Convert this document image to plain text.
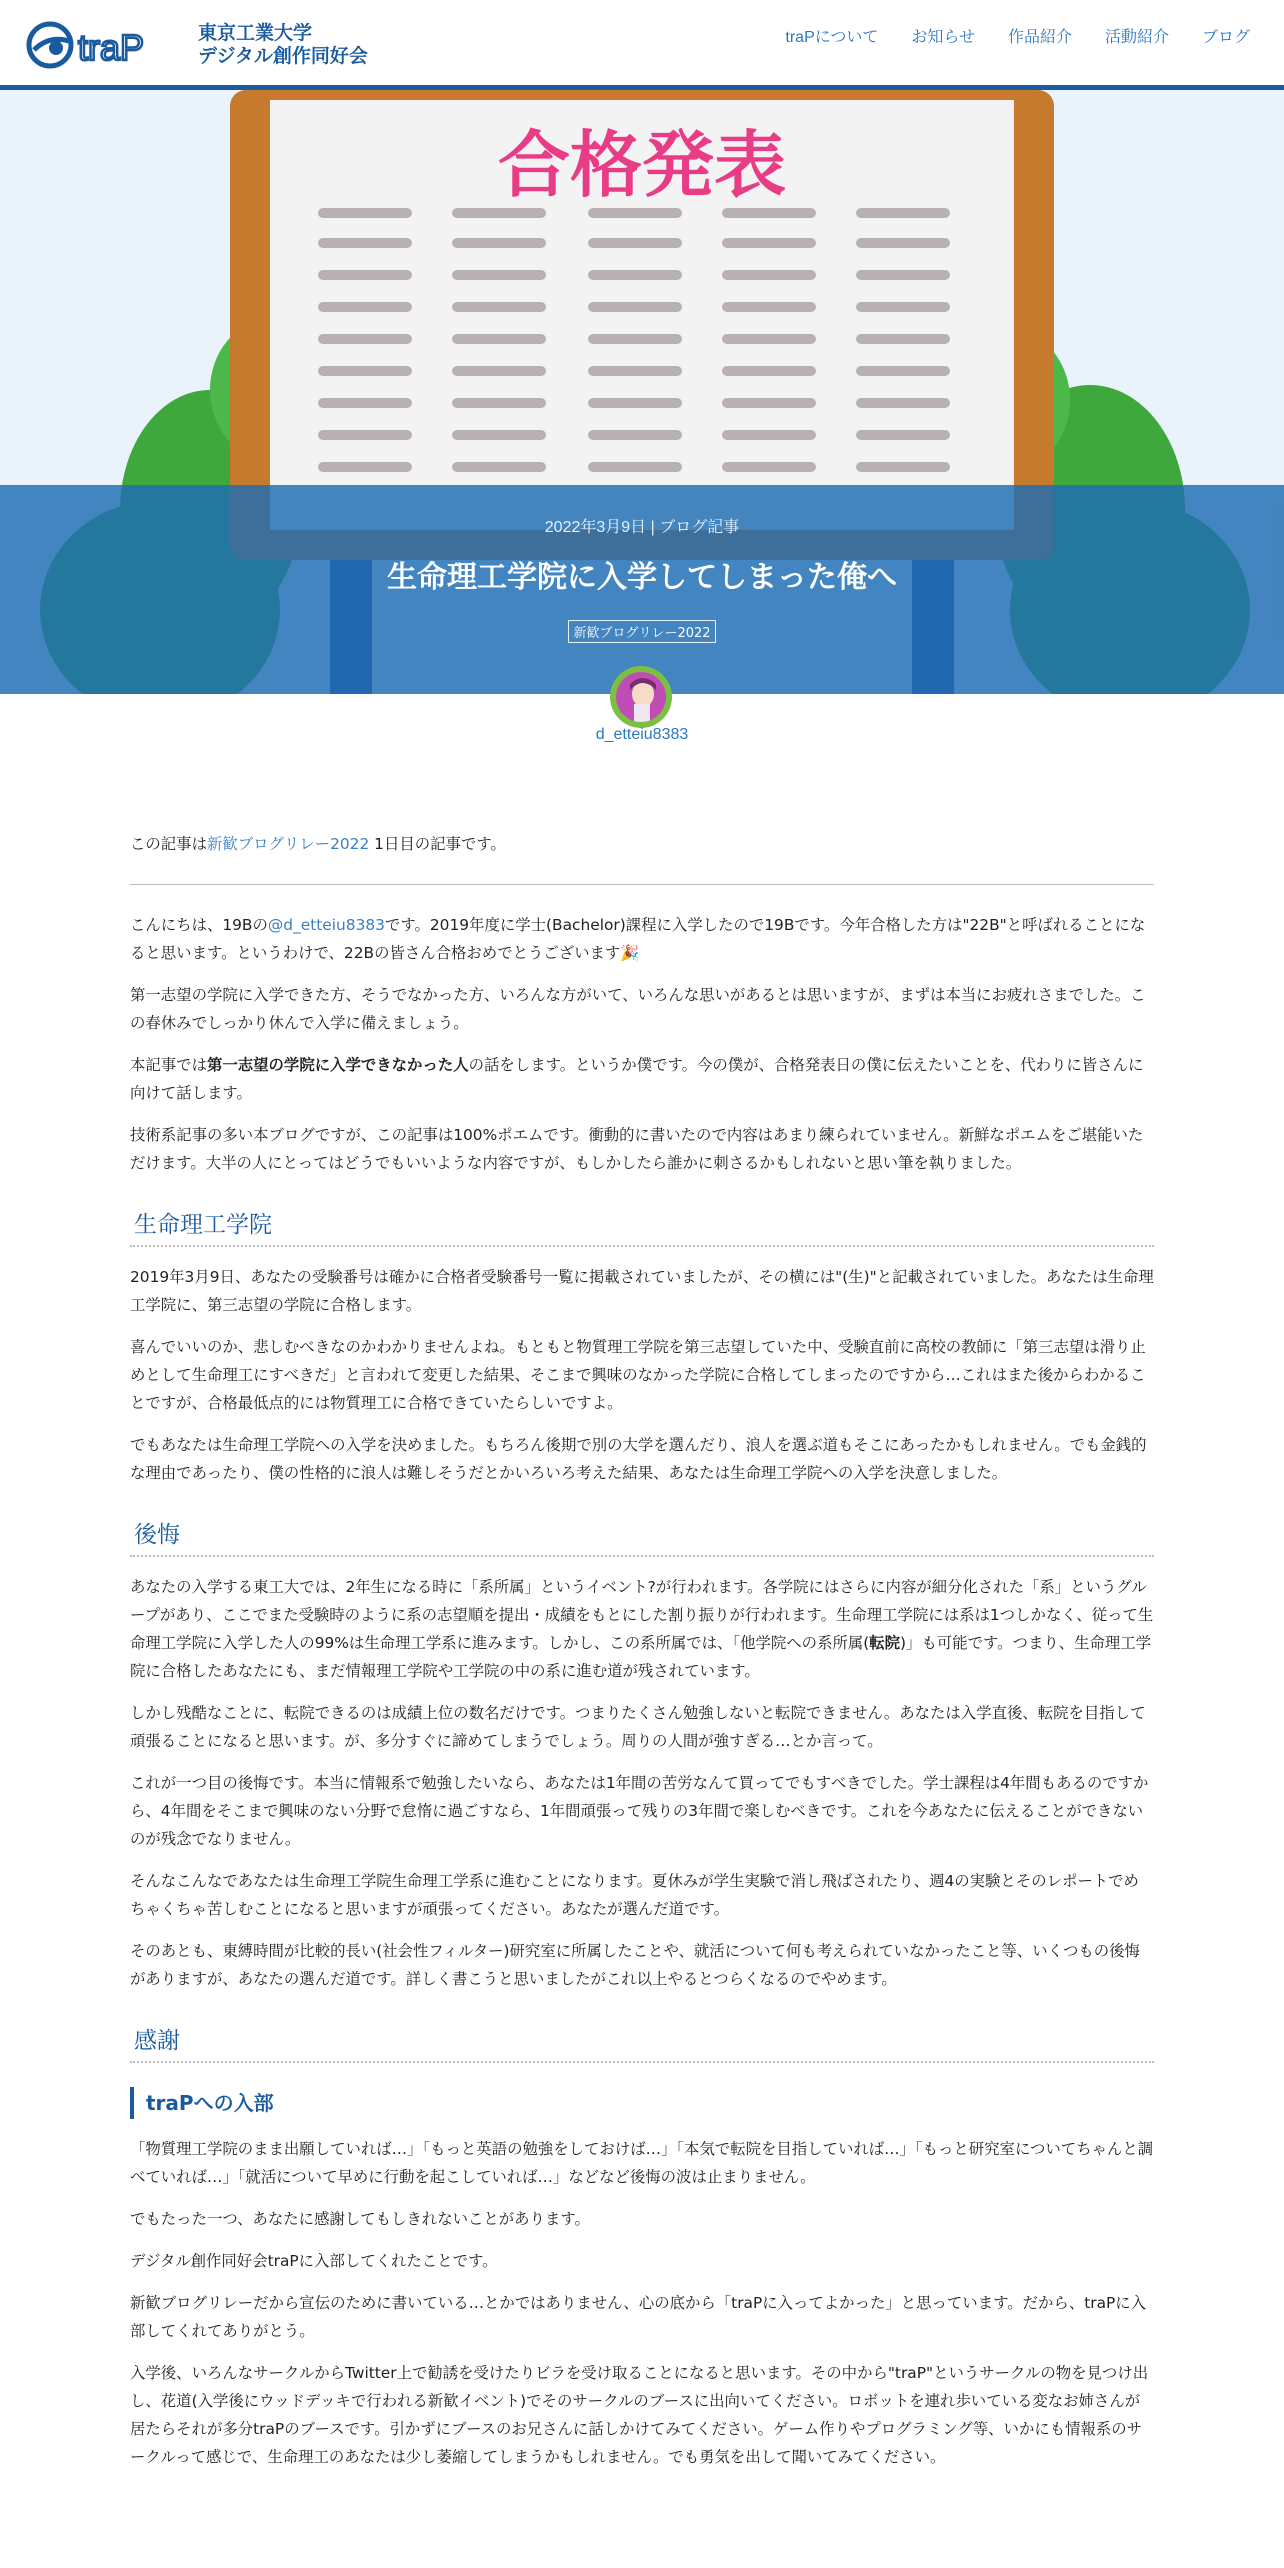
traP	東京工業大学
デジタル創作同好会
traPについて お知らせ 作品紹介 活動紹介 ブログ
合格発表
2022年3月9日 | ブログ記事
生命理工学院に入学してしまった俺へ
新歓ブログリレー2022
d_etteiu8383

この記事は新歓ブログリレー2022 1日目の記事です。

こんにちは、19Bの@d_etteiu8383です。2019年度に学士(Bachelor)課程に入学したので19Bです。今年合格した方は"22B"と呼ばれることになると思います。というわけで、22Bの皆さん合格おめでとうございます🎉

第一志望の学院に入学できた方、そうでなかった方、いろんな方がいて、いろんな思いがあるとは思いますが、まずは本当にお疲れさまでした。この春休みでしっかり休んで入学に備えましょう。

本記事では第一志望の学院に入学できなかった人の話をします。というか僕です。今の僕が、合格発表日の僕に伝えたいことを、代わりに皆さんに向けて話します。

技術系記事の多い本ブログですが、この記事は100%ポエムです。衝動的に書いたので内容はあまり練られていません。新鮮なポエムをご堪能いただけます。大半の人にとってはどうでもいいような内容ですが、もしかしたら誰かに刺さるかもしれないと思い筆を執りました。

生命理工学院

2019年3月9日、あなたの受験番号は確かに合格者受験番号一覧に掲載されていましたが、その横には"(生)"と記載されていました。あなたは生命理工学院に、第三志望の学院に合格します。

喜んでいいのか、悲しむべきなのかわかりませんよね。もともと物質理工学院を第三志望していた中、受験直前に高校の教師に「第三志望は滑り止めとして生命理工にすべきだ」と言われて変更した結果、そこまで興味のなかった学院に合格してしまったのですから…これはまた後からわかることですが、合格最低点的には物質理工に合格できていたらしいですよ。

でもあなたは生命理工学院への入学を決めました。もちろん後期で別の大学を選んだり、浪人を選ぶ道もそこにあったかもしれません。でも金銭的な理由であったり、僕の性格的に浪人は難しそうだとかいろいろ考えた結果、あなたは生命理工学院への入学を決意しました。

後悔

あなたの入学する東工大では、2年生になる時に「系所属」というイベント?が行われます。各学院にはさらに内容が細分化された「系」というグループがあり、ここでまた受験時のように系の志望順を提出・成績をもとにした割り振りが行われます。生命理工学院には系は1つしかなく、従って生命理工学院に入学した人の99%は生命理工学系に進みます。しかし、この系所属では、「他学院への系所属(転院)」も可能です。つまり、生命理工学院に合格したあなたにも、まだ情報理工学院や工学院の中の系に進む道が残されています。

しかし残酷なことに、転院できるのは成績上位の数名だけです。つまりたくさん勉強しないと転院できません。あなたは入学直後、転院を目指して頑張ることになると思います。が、多分すぐに諦めてしまうでしょう。周りの人間が強すぎる…とか言って。

これが一つ目の後悔です。本当に情報系で勉強したいなら、あなたは1年間の苦労なんて買ってでもすべきでした。学士課程は4年間もあるのですから、4年間をそこまで興味のない分野で怠惰に過ごすなら、1年間頑張って残りの3年間で楽しむべきです。これを今あなたに伝えることができないのが残念でなりません。

そんなこんなであなたは生命理工学院生命理工学系に進むことになります。夏休みが学生実験で消し飛ばされたり、週4の実験とそのレポートでめちゃくちゃ苦しむことになると思いますが頑張ってください。あなたが選んだ道です。

そのあとも、東縛時間が比較的長い(社会性フィルター)研究室に所属したことや、就活について何も考えられていなかったこと等、いくつもの後悔がありますが、あなたの選んだ道です。詳しく書こうと思いましたがこれ以上やるとつらくなるのでやめます。

感謝
traPへの入部

「物質理工学院のまま出願していれば…」「もっと英語の勉強をしておけば…」「本気で転院を目指していれば…」「もっと研究室についてちゃんと調べていれば…」「就活について早めに行動を起こしていれば…」などなど後悔の波は止まりません。

でもたった一つ、あなたに感謝してもしきれないことがあります。

デジタル創作同好会traPに入部してくれたことです。

新歓ブログリレーだから宣伝のために書いている…とかではありません、心の底から「traPに入ってよかった」と思っています。だから、traPに入部してくれてありがとう。

入学後、いろんなサークルからTwitter上で勧誘を受けたりビラを受け取ることになると思います。その中から"traP"というサークルの物を見つけ出し、花道(入学後にウッドデッキで行われる新歓イベント)でそのサークルのブースに出向いてください。ロボットを連れ歩いている変なお姉さんが居たらそれが多分traPのブースです。引かずにブースのお兄さんに話しかけてみてください。ゲーム作りやプログラミング等、いかにも情報系のサークルって感じで、生命理工のあなたは少し萎縮してしまうかもしれません。でも勇気を出して聞いてみてください。
